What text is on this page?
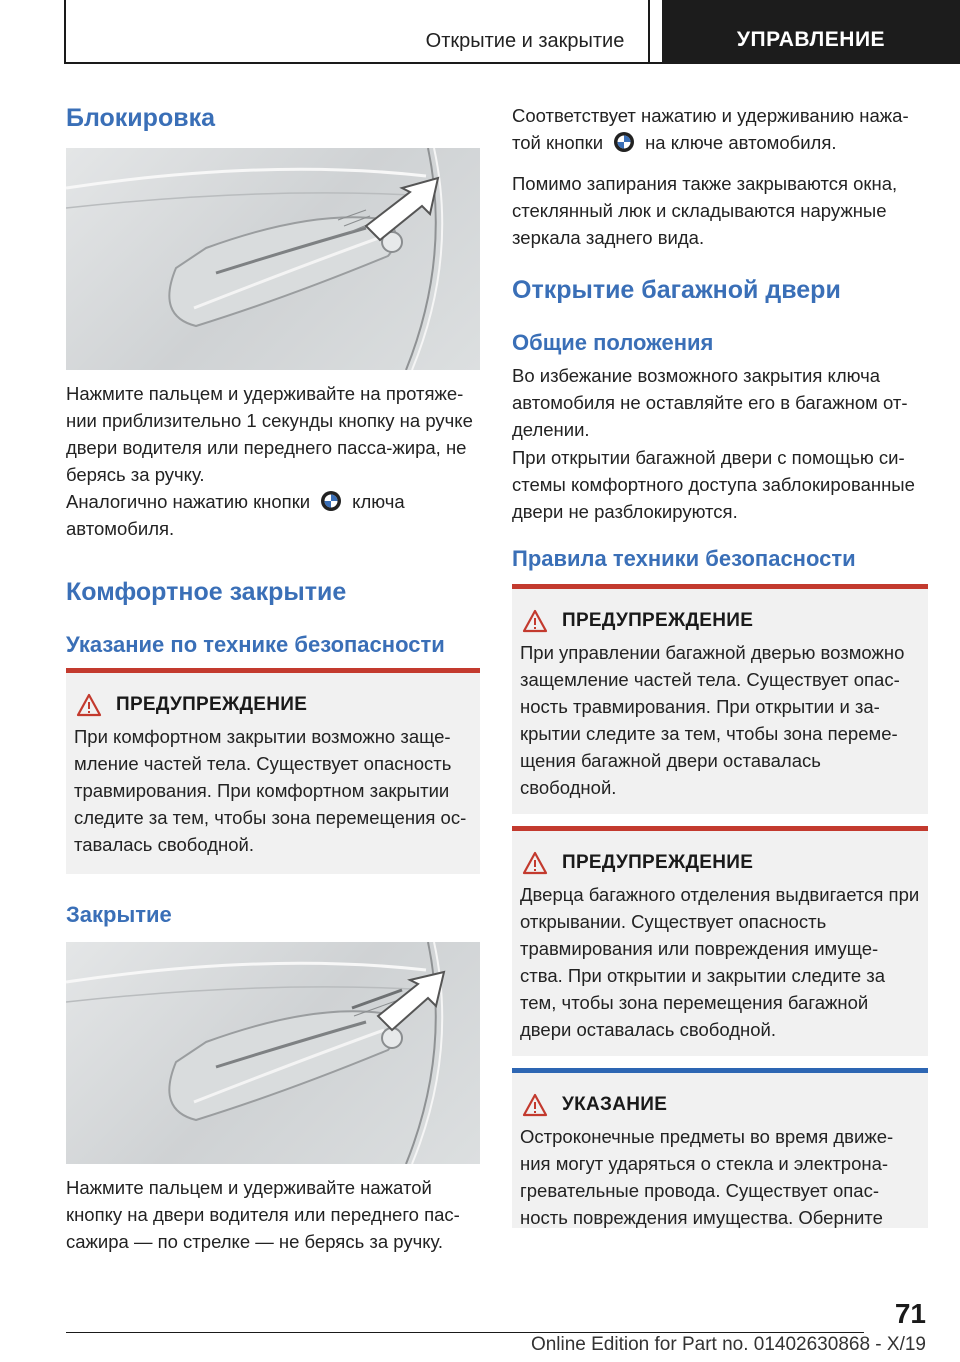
Открытие и закрытие	УПРАВЛЕНИЕ
Блокировка

Нажмите пальцем и удерживайте на протяже-нии приблизительно 1 секунды кнопку на ручке двери водителя или переднего пасса-жира, не берясь за ручку.

Аналогично нажатию кнопки ключа автомобиля.

Комфортное закрытие
Указание по технике безопасности
ПРЕДУПРЕЖДЕНИЕ
При комфортном закрытии возможно заще-мление частей тела. Существует опасность травмирования. При комфортном закрытии следите за тем, чтобы зона перемещения ос-тавалась свободной.
Закрытие

Нажмите пальцем и удерживайте нажатой кнопку на двери водителя или переднего пас-сажира — по стрелке — не берясь за ручку.

Соответствует нажатию и удерживанию нажа-той кнопки на ключе автомобиля.

Помимо запирания также закрываются окна, стеклянный люк и складываются наружные зеркала заднего вида.

Открытие багажной двери
Общие положения

Во избежание возможного закрытия ключа автомобиля не оставляйте его в багажном от-делении.

При открытии багажной двери с помощью си-стемы комфортного доступа заблокированные двери не разблокируются.

Правила техники безопасности
ПРЕДУПРЕЖДЕНИЕ
При управлении багажной дверью возможно защемление частей тела. Существует опас-ность травмирования. При открытии и за-крытии следите за тем, чтобы зона переме-щения багажной двери оставалась свободной.
ПРЕДУПРЕЖДЕНИЕ
Дверца багажного отделения выдвигается при открывании. Существует опасность травмирования или повреждения имуще-ства. При открытии и закрытии следите за тем, чтобы зона перемещения багажной двери оставалась свободной.
УКАЗАНИЕ
Остроконечные предметы во время движе-ния могут ударяться о стекла и электрона-гревательные провода. Существует опас-ность повреждения имущества. Оберните
71
Online Edition for Part no. 01402630868 - X/19
